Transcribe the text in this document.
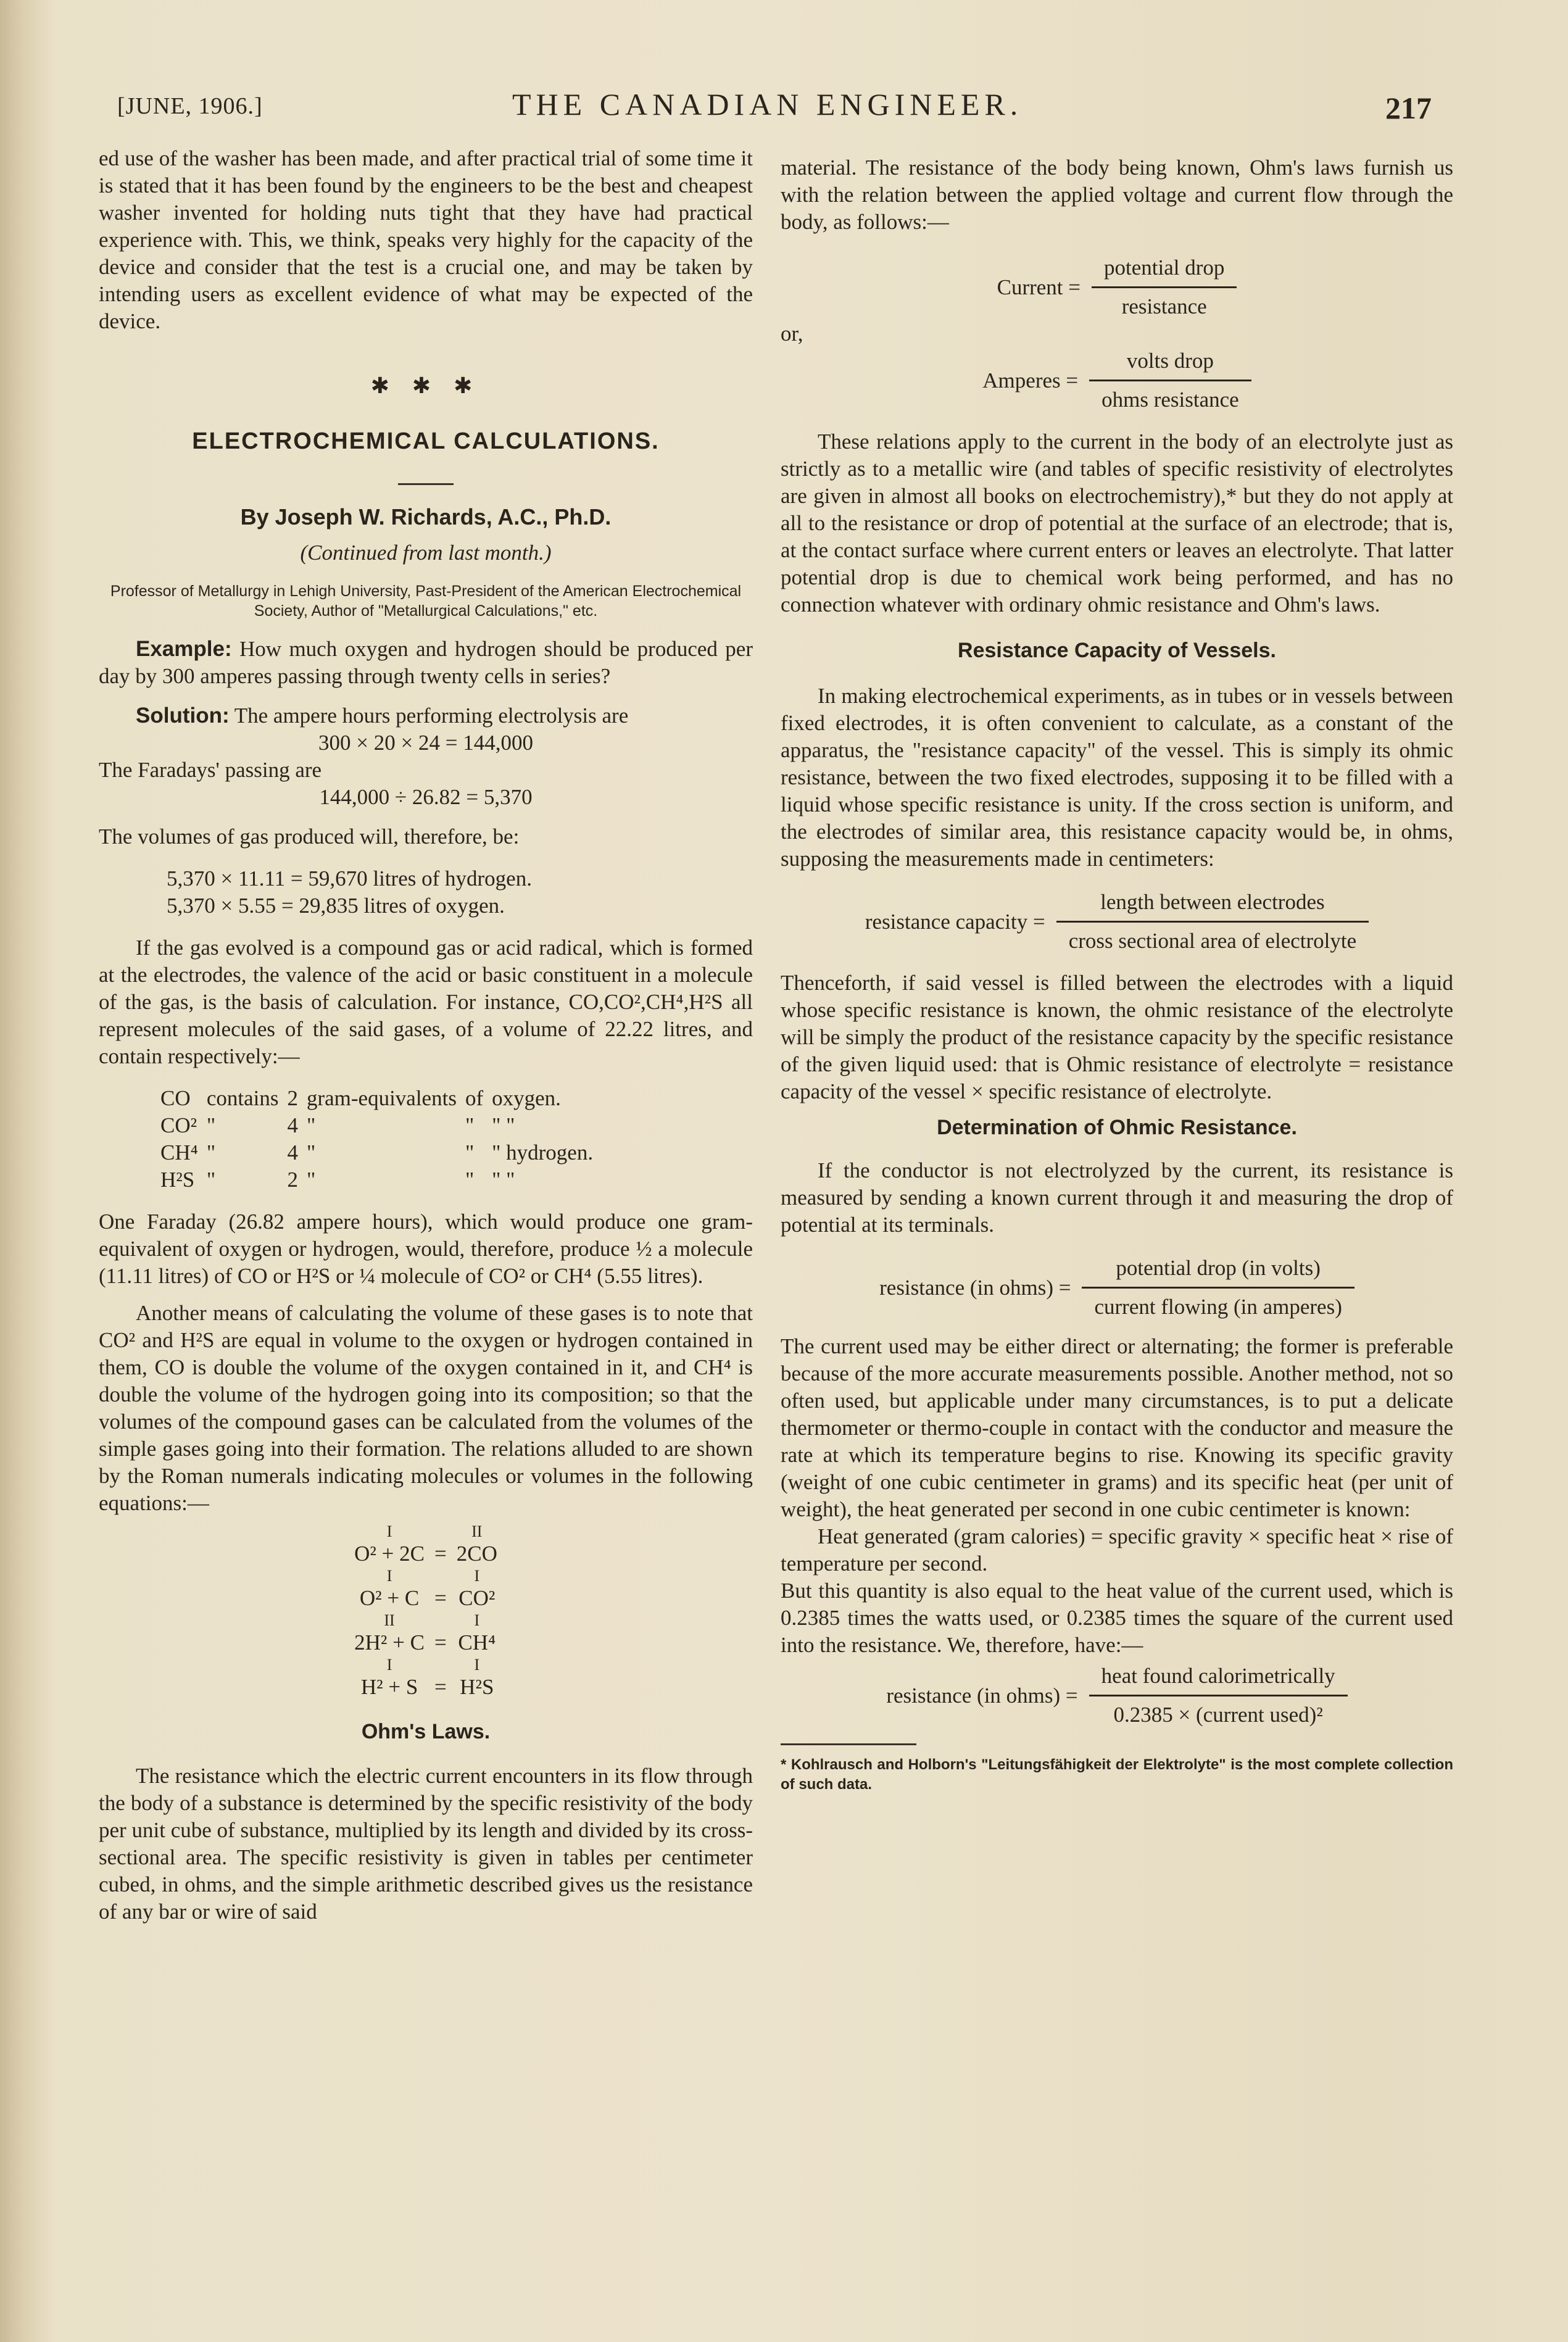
[JUNE, 1906.]	THE CANADIAN ENGINEER.	217

ed use of the washer has been made, and after practical trial of some time it is stated that it has been found by the engineers to be the best and cheapest washer invented for holding nuts tight that they have had practical experience with. This, we think, speaks very highly for the capacity of the device and consider that the test is a crucial one, and may be taken by intending users as excellent evidence of what may be expected of the device.

✱ ✱ ✱
ELECTROCHEMICAL CALCULATIONS.
By Joseph W. Richards, A.C., Ph.D.
(Continued from last month.)
Professor of Metallurgy in Lehigh University, Past-President of the American Electrochemical Society, Author of "Metallurgical Calculations," etc.

Example: How much oxygen and hydrogen should be produced per day by 300 amperes passing through twenty cells in series?

Solution: The ampere hours performing electrolysis are

300 × 20 × 24 = 144,000

The Faradays' passing are

144,000 ÷ 26.82 = 5,370

The volumes of gas produced will, therefore, be:

5,370 × 11.11 = 59,670 litres of hydrogen.
5,370 × 5.55 = 29,835 litres of oxygen.

If the gas evolved is a compound gas or acid radical, which is formed at the electrodes, the valence of the acid or basic constituent in a molecule of the gas, is the basis of calculation. For instance, CO,CO²,CH⁴,H²S all represent molecules of the said gases, of a volume of 22.22 litres, and contain respectively:—

CO	contains	2	gram-equivalents	of	oxygen.
CO²	"	4	"	"	" "
CH⁴	"	4	"	"	" hydrogen.
H²S	"	2	"	"	" "

One Faraday (26.82 ampere hours), which would produce one gram-equivalent of oxygen or hydrogen, would, therefore, produce ½ a molecule (11.11 litres) of CO or H²S or ¼ molecule of CO² or CH⁴ (5.55 litres).

Another means of calculating the volume of these gases is to note that CO² and H²S are equal in volume to the oxygen or hydrogen contained in them, CO is double the volume of the oxygen contained in it, and CH⁴ is double the volume of the hydrogen going into its composition; so that the volumes of the compound gases can be calculated from the volumes of the simple gases going into their formation. The relations alluded to are shown by the Roman numerals indicating molecules or volumes in the following equations:—

I		II
O² + 2C	=	2CO
I		I
O² + C	=	CO²
II		I
2H² + C	=	CH⁴
I		I
H² + S	=	H²S
Ohm's Laws.

The resistance which the electric current encounters in its flow through the body of a substance is determined by the specific resistivity of the body per unit cube of substance, multiplied by its length and divided by its cross-sectional area. The specific resistivity is given in tables per centimeter cubed, in ohms, and the simple arithmetic described gives us the resistance of any bar or wire of said

material. The resistance of the body being known, Ohm's laws furnish us with the relation between the applied voltage and current flow through the body, as follows:—

Current =
potential drop
resistance

or,

Amperes =
volts drop
ohms resistance

These relations apply to the current in the body of an electrolyte just as strictly as to a metallic wire (and tables of specific resistivity of electrolytes are given in almost all books on electrochemistry),* but they do not apply at all to the resistance or drop of potential at the surface of an electrode; that is, at the contact surface where current enters or leaves an electrolyte. That latter potential drop is due to chemical work being performed, and has no connection whatever with ordinary ohmic resistance and Ohm's laws.

Resistance Capacity of Vessels.

In making electrochemical experiments, as in tubes or in vessels between fixed electrodes, it is often convenient to calculate, as a constant of the apparatus, the "resistance capacity" of the vessel. This is simply its ohmic resistance, between the two fixed electrodes, supposing it to be filled with a liquid whose specific resistance is unity. If the cross section is uniform, and the electrodes of similar area, this resistance capacity would be, in ohms, supposing the measurements made in centimeters:

resistance capacity =
length between electrodes
cross sectional area of electrolyte

Thenceforth, if said vessel is filled between the electrodes with a liquid whose specific resistance is known, the ohmic resistance of the electrolyte will be simply the product of the resistance capacity by the specific resistance of the given liquid used: that is Ohmic resistance of electrolyte = resistance capacity of the vessel × specific resistance of electrolyte.

Determination of Ohmic Resistance.

If the conductor is not electrolyzed by the current, its resistance is measured by sending a known current through it and measuring the drop of potential at its terminals.

resistance (in ohms) =
potential drop (in volts)
current flowing (in amperes)

The current used may be either direct or alternating; the former is preferable because of the more accurate measurements possible. Another method, not so often used, but applicable under many circumstances, is to put a delicate thermometer or thermo-couple in contact with the conductor and measure the rate at which its temperature begins to rise. Knowing its specific gravity (weight of one cubic centimeter in grams) and its specific heat (per unit of weight), the heat generated per second in one cubic centimeter is known:

Heat generated (gram calories) = specific gravity × specific heat × rise of temperature per second.

But this quantity is also equal to the heat value of the current used, which is 0.2385 times the watts used, or 0.2385 times the square of the current used into the resistance. We, therefore, have:—

resistance (in ohms) =
heat found calorimetrically
0.2385 × (current used)²

* Kohlrausch and Holborn's "Leitungsfähigkeit der Elektrolyte" is the most complete collection of such data.
